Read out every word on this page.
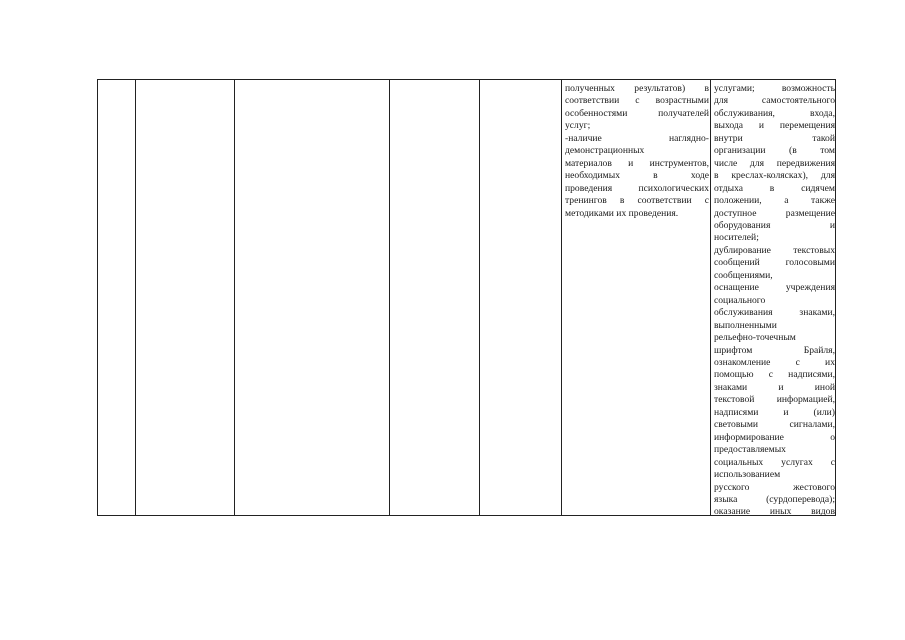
полученных результатов) в
соответствии с возрастными
особенностями получателей
услуг;
-наличие наглядно-
демонстрационных
материалов и инструментов,
необходимых в ходе
проведения психологических
тренингов в соответствии с
методиками их проведения.
услугами; возможность
для самостоятельного
обслуживания, входа,
выхода и перемещения
внутри такой
организации (в том
числе для передвижения
в креслах-колясках), для
отдыха в сидячем
положении, а также
доступное размещение
оборудования и
носителей;
дублирование текстовых
сообщений голосовыми
сообщениями,
оснащение учреждения
социального
обслуживания знаками,
выполненными
рельефно-точечным
шрифтом Брайля,
ознакомление с их
помощью с надписями,
знаками и иной
текстовой информацией,
надписями и (или)
световыми сигналами,
информирование о
предоставляемых
социальных услугах с
использованием
русского жестового
языка (сурдоперевода);
оказание иных видов
